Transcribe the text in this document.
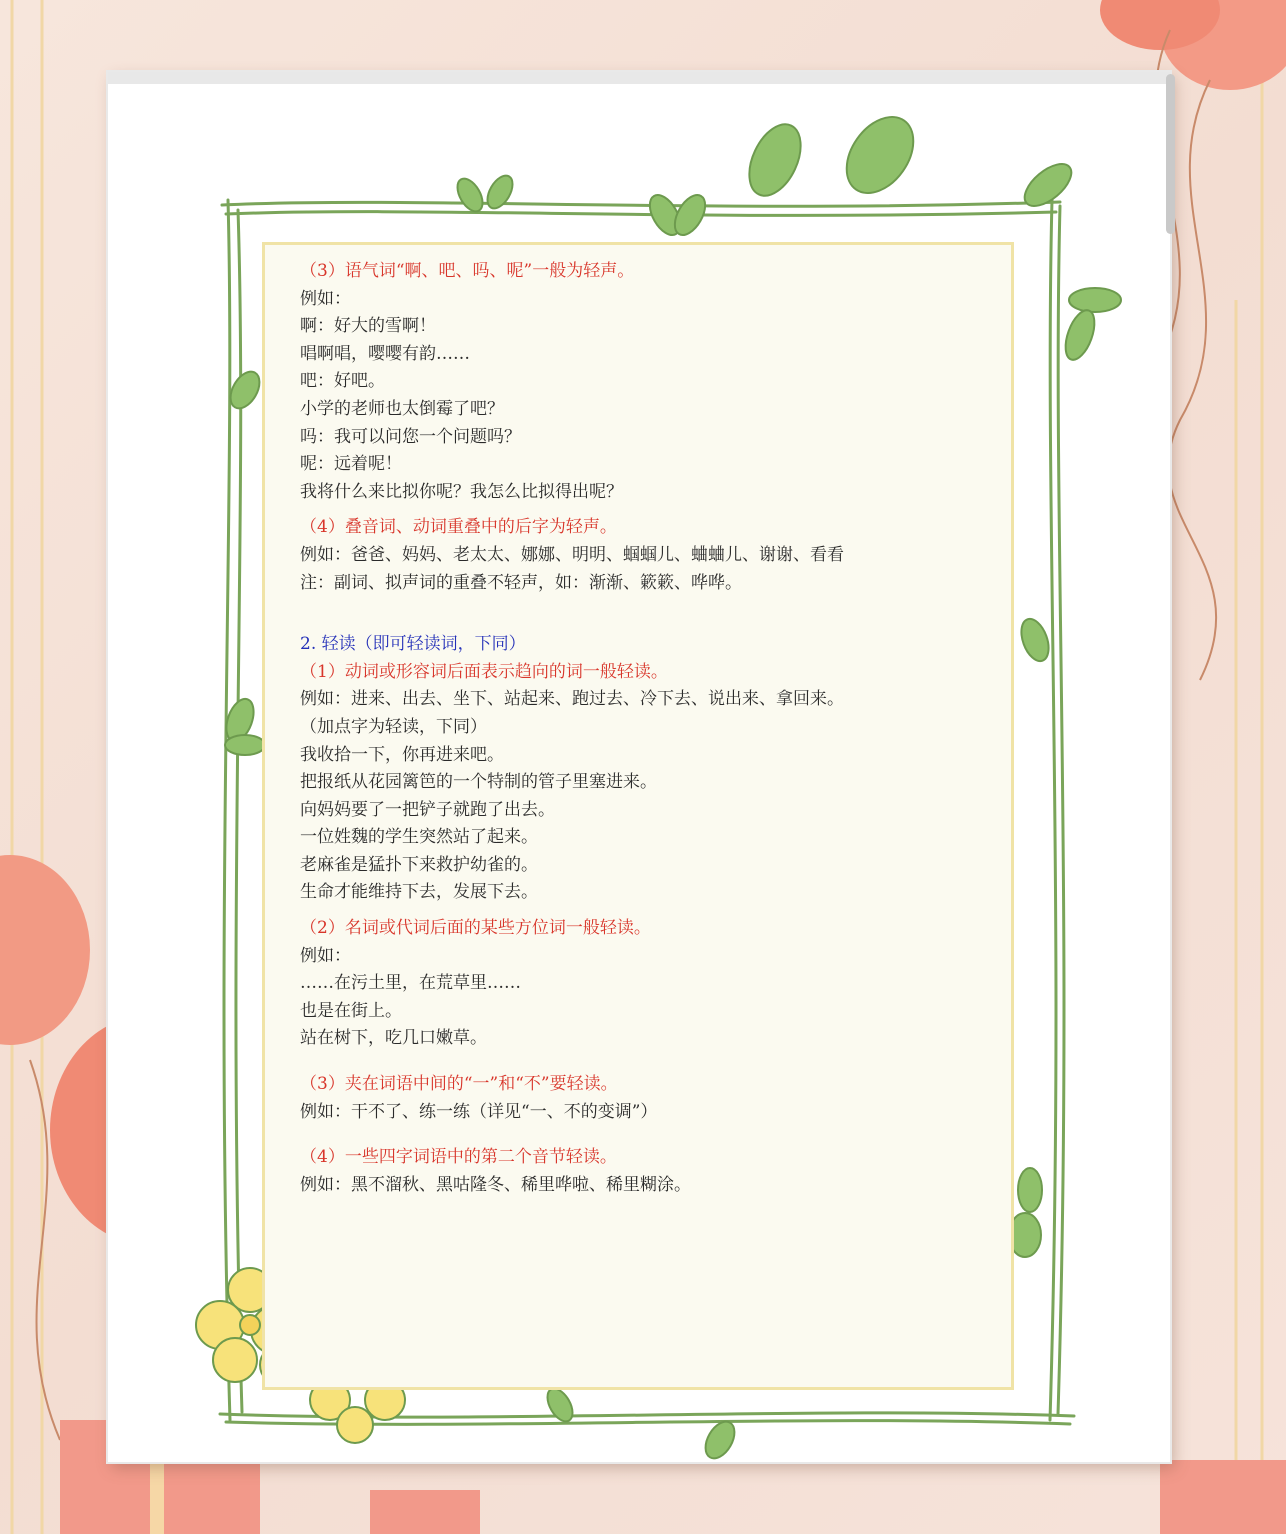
（3）语气词“啊、吧、吗、呢”一般为轻声。
例如：
啊：好大的雪啊！
唱啊唱，嘤嘤有韵……
吧：好吧。
小学的老师也太倒霉了吧？
吗：我可以问您一个问题吗？
呢：远着呢！
我将什么来比拟你呢？我怎么比拟得出呢？
（4）叠音词、动词重叠中的后字为轻声。
例如：爸爸、妈妈、老太太、娜娜、明明、蝈蝈儿、蛐蛐儿、谢谢、看看
注：副词、拟声词的重叠不轻声，如：渐渐、簌簌、哗哗。
2. 轻读（即可轻读词，下同）
（1）动词或形容词后面表示趋向的词一般轻读。
例如：进来、出去、坐下、站起来、跑过去、冷下去、说出来、拿回来。
（加点字为轻读，下同）
我收拾一下，你再进来吧。
把报纸从花园篱笆的一个特制的管子里塞进来。
向妈妈要了一把铲子就跑了出去。
一位姓魏的学生突然站了起来。
老麻雀是猛扑下来救护幼雀的。
生命才能维持下去，发展下去。
（2）名词或代词后面的某些方位词一般轻读。
例如：
……在污土里，在荒草里……
也是在街上。
站在树下，吃几口嫩草。
（3）夹在词语中间的“一”和“不”要轻读。
例如：干不了、练一练（详见“一、不的变调”）
（4）一些四字词语中的第二个音节轻读。
例如：黑不溜秋、黑咕隆冬、稀里哗啦、稀里糊涂。
